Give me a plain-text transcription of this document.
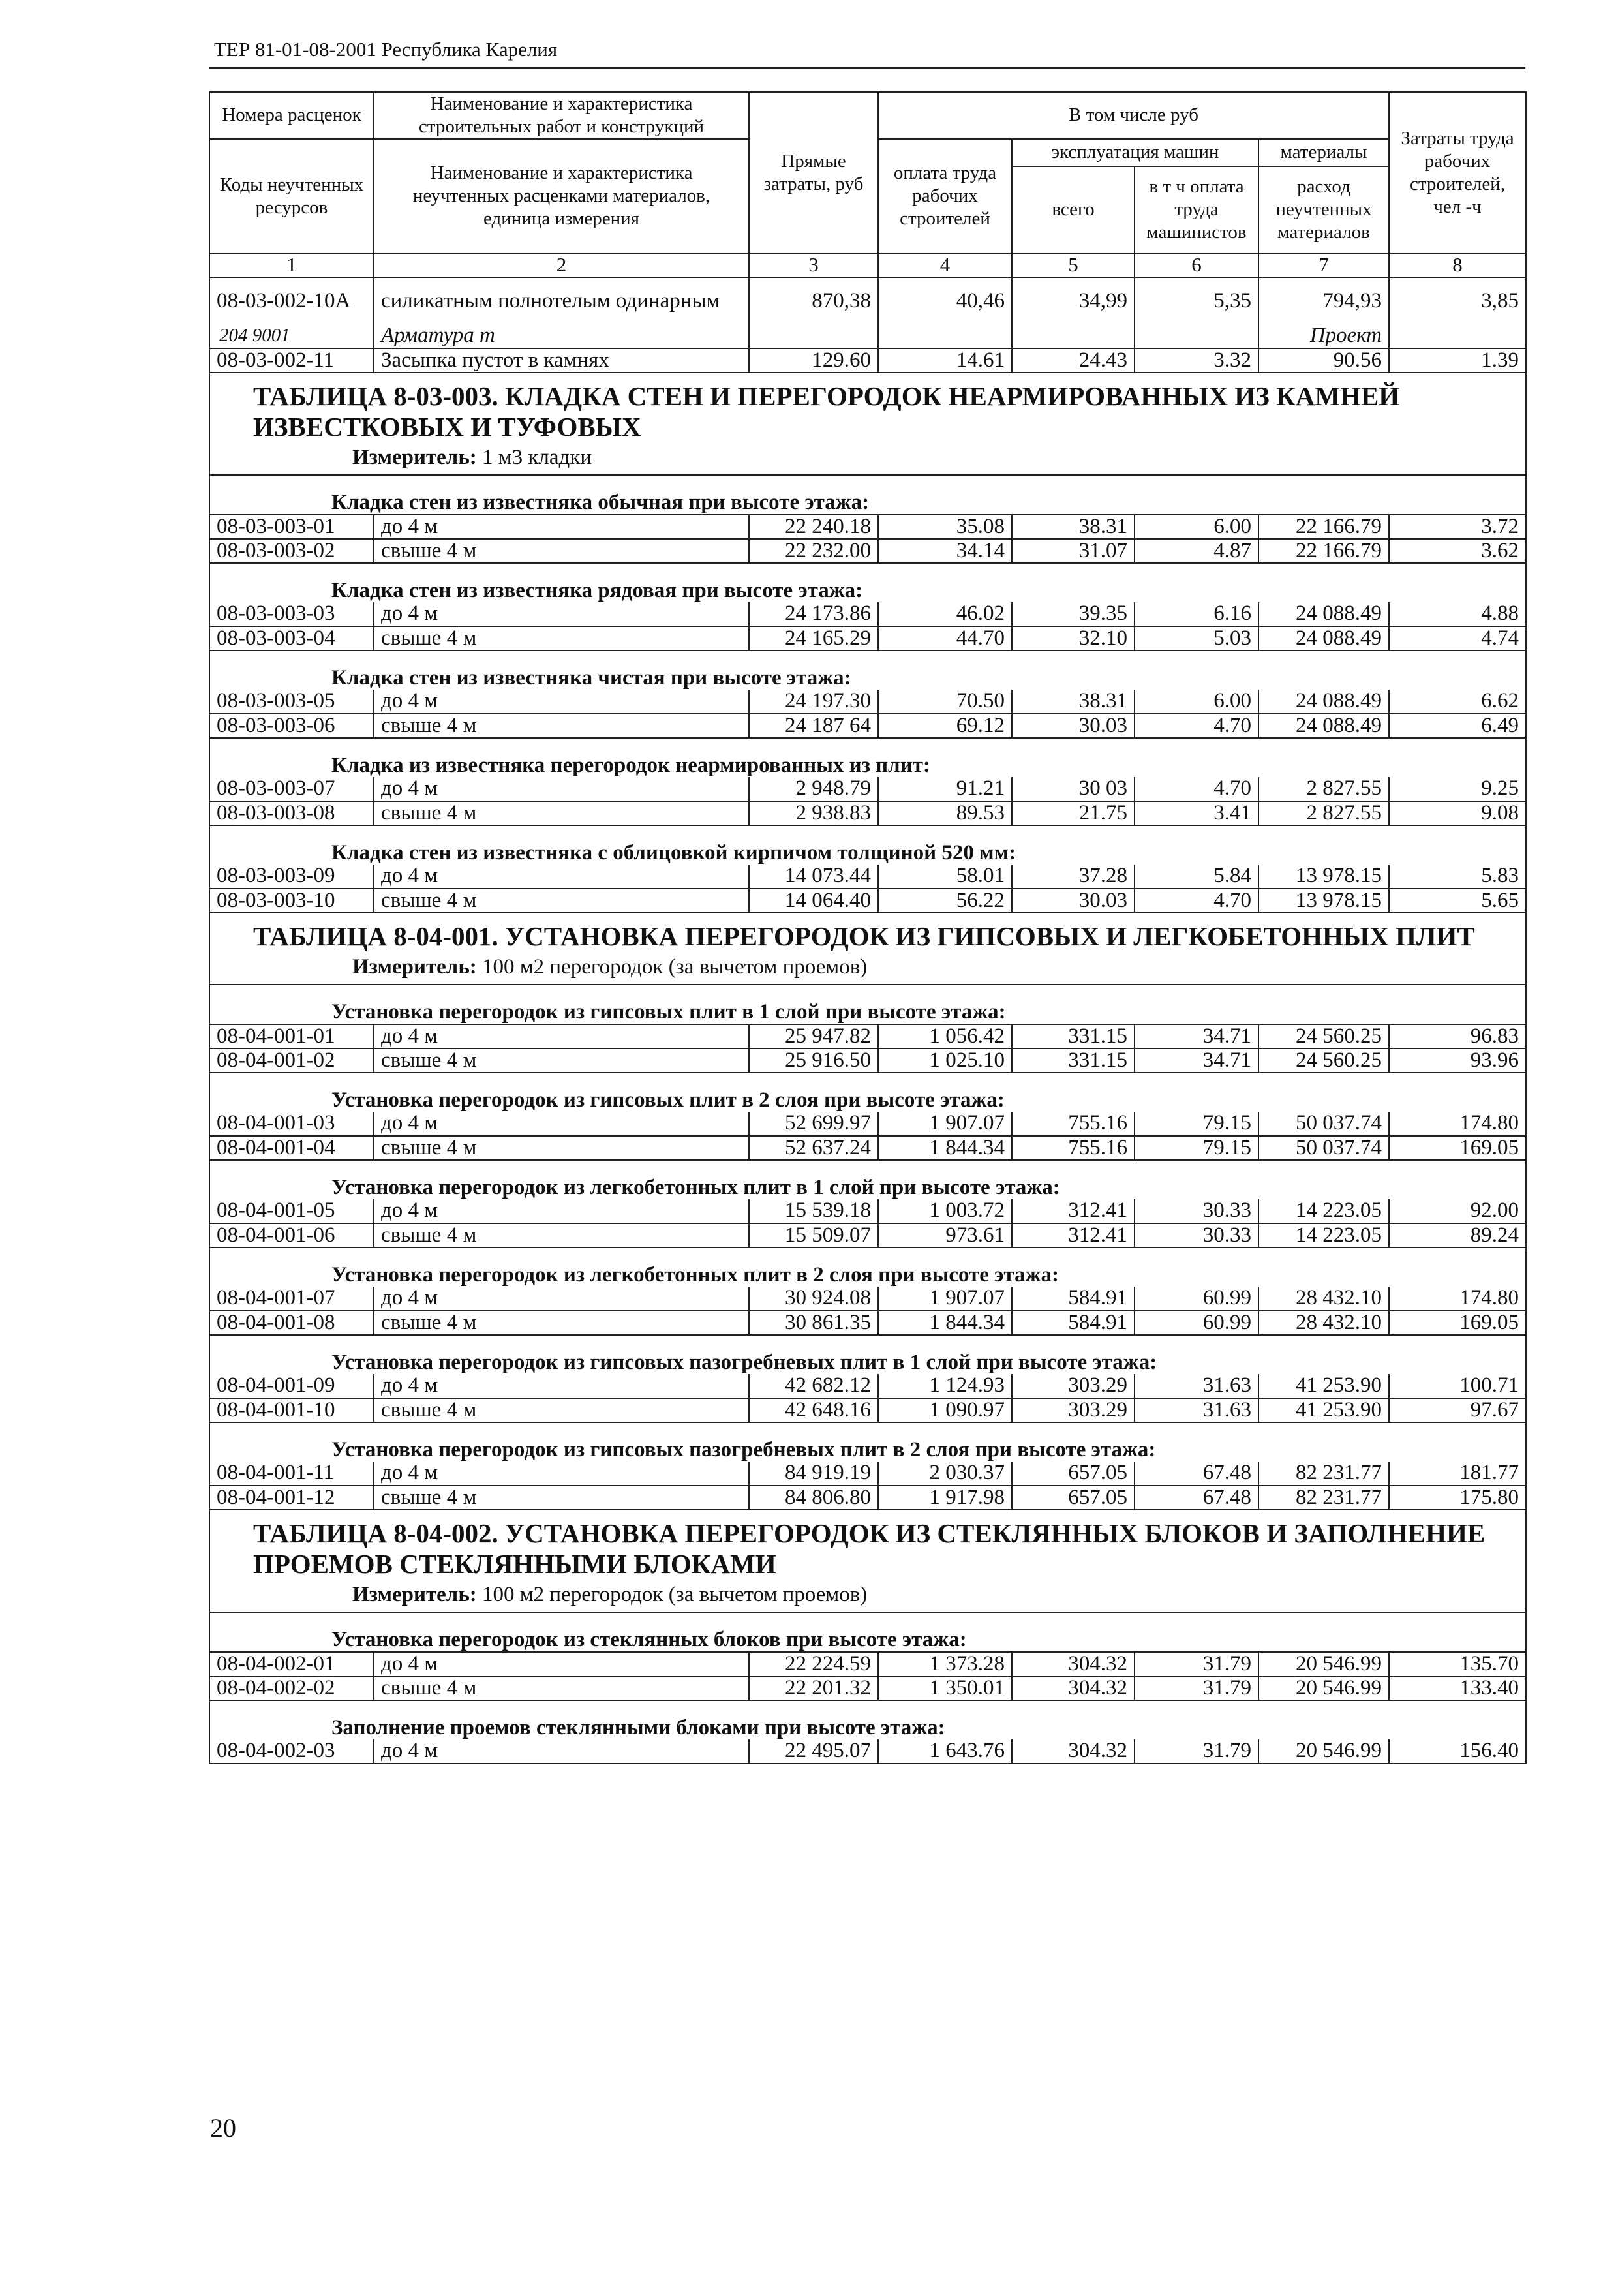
ТЕР 81-01-08-2001 Республика Карелия
Номера расценок	Наименование и характеристика строительных работ и конструкций	Прямые затраты, руб	В том числе руб				Затраты труда рабочих строителей, чел -ч
Коды неучтенных ресурсов	Наименование и характеристика неучтенных расценками материалов, единица измерения		оплата труда рабочих строителей	эксплуатация машин		материалы	
				всего	в т ч оплата труда машинистов	расход неучтенных материалов	
1	2	3	4	5	6	7	8
08-03-002-10A	силикатным полнотелым одинарным	870,38	40,46	34,99	5,35	794,93	3,85
204 9001	Арматура т					Проект	
08-03-002-11	Засыпка пустот в камнях	129.60	14.61	24.43	3.32	90.56	1.39
ТАБЛИЦА 8-03-003. КЛАДКА СТЕН И ПЕРЕГОРОДОК НЕАРМИРОВАННЫХ ИЗ КАМНЕЙ ИЗВЕСТКОВЫХ И ТУФОВЫХ							
Измеритель: 1 м3 кладки							
Кладка стен из известняка обычная при высоте этажа:							
08-03-003-01	до 4 м	22 240.18	35.08	38.31	6.00	22 166.79	3.72
08-03-003-02	свыше 4 м	22 232.00	34.14	31.07	4.87	22 166.79	3.62
Кладка стен из известняка рядовая при высоте этажа:							
08-03-003-03	до 4 м	24 173.86	46.02	39.35	6.16	24 088.49	4.88
08-03-003-04	свыше 4 м	24 165.29	44.70	32.10	5.03	24 088.49	4.74
Кладка стен из известняка чистая при высоте этажа:							
08-03-003-05	до 4 м	24 197.30	70.50	38.31	6.00	24 088.49	6.62
08-03-003-06	свыше 4 м	24 187 64	69.12	30.03	4.70	24 088.49	6.49
Кладка из известняка перегородок неармированных из плит:							
08-03-003-07	до 4 м	2 948.79	91.21	30 03	4.70	2 827.55	9.25
08-03-003-08	свыше 4 м	2 938.83	89.53	21.75	3.41	2 827.55	9.08
Кладка стен из известняка с облицовкой кирпичом толщиной 520 мм:							
08-03-003-09	до 4 м	14 073.44	58.01	37.28	5.84	13 978.15	5.83
08-03-003-10	свыше 4 м	14 064.40	56.22	30.03	4.70	13 978.15	5.65
ТАБЛИЦА 8-04-001. УСТАНОВКА ПЕРЕГОРОДОК ИЗ ГИПСОВЫХ И ЛЕГКОБЕТОННЫХ ПЛИТ							
Измеритель: 100 м2 перегородок (за вычетом проемов)							
Установка перегородок из гипсовых плит в 1 слой при высоте этажа:							
08-04-001-01	до 4 м	25 947.82	1 056.42	331.15	34.71	24 560.25	96.83
08-04-001-02	свыше 4 м	25 916.50	1 025.10	331.15	34.71	24 560.25	93.96
Установка перегородок из гипсовых плит в 2 слоя при высоте этажа:							
08-04-001-03	до 4 м	52 699.97	1 907.07	755.16	79.15	50 037.74	174.80
08-04-001-04	свыше 4 м	52 637.24	1 844.34	755.16	79.15	50 037.74	169.05
Установка перегородок из легкобетонных плит в 1 слой при высоте этажа:							
08-04-001-05	до 4 м	15 539.18	1 003.72	312.41	30.33	14 223.05	92.00
08-04-001-06	свыше 4 м	15 509.07	973.61	312.41	30.33	14 223.05	89.24
Установка перегородок из легкобетонных плит в 2 слоя при высоте этажа:							
08-04-001-07	до 4 м	30 924.08	1 907.07	584.91	60.99	28 432.10	174.80
08-04-001-08	свыше 4 м	30 861.35	1 844.34	584.91	60.99	28 432.10	169.05
Установка перегородок из гипсовых пазогребневых плит в 1 слой при высоте этажа:							
08-04-001-09	до 4 м	42 682.12	1 124.93	303.29	31.63	41 253.90	100.71
08-04-001-10	свыше 4 м	42 648.16	1 090.97	303.29	31.63	41 253.90	97.67
Установка перегородок из гипсовых пазогребневых плит в 2 слоя при высоте этажа:							
08-04-001-11	до 4 м	84 919.19	2 030.37	657.05	67.48	82 231.77	181.77
08-04-001-12	свыше 4 м	84 806.80	1 917.98	657.05	67.48	82 231.77	175.80
ТАБЛИЦА 8-04-002. УСТАНОВКА ПЕРЕГОРОДОК ИЗ СТЕКЛЯННЫХ БЛОКОВ И ЗАПОЛНЕНИЕ ПРОЕМОВ СТЕКЛЯННЫМИ БЛОКАМИ							
Измеритель: 100 м2 перегородок (за вычетом проемов)							
Установка перегородок из стеклянных блоков при высоте этажа:							
08-04-002-01	до 4 м	22 224.59	1 373.28	304.32	31.79	20 546.99	135.70
08-04-002-02	свыше 4 м	22 201.32	1 350.01	304.32	31.79	20 546.99	133.40
Заполнение проемов стеклянными блоками при высоте этажа:							
08-04-002-03	до 4 м	22 495.07	1 643.76	304.32	31.79	20 546.99	156.40
20
